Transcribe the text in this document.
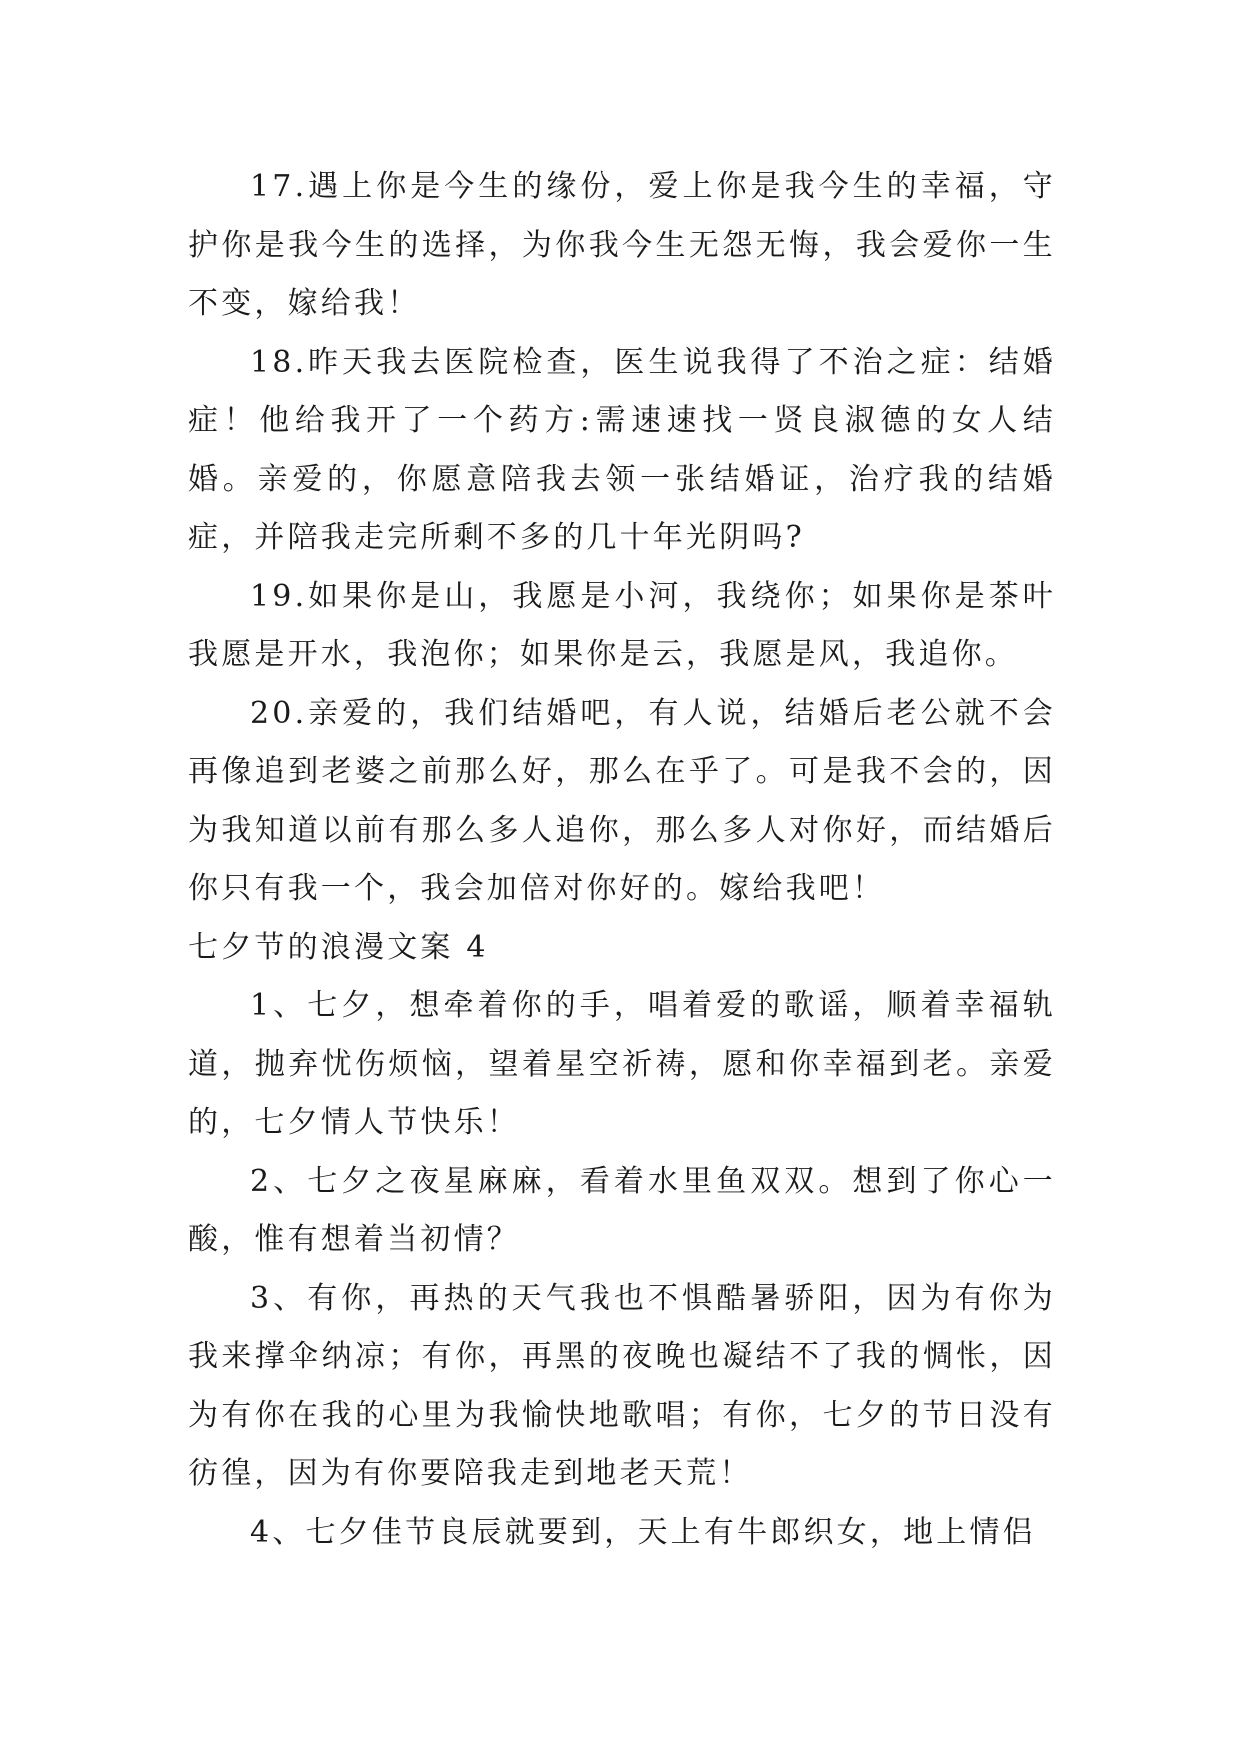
17.遇上你是今生的缘份，爱上你是我今生的幸福，守护你是我今生的选择，为你我今生无怨无悔，我会爱你一生不变，嫁给我！

18.昨天我去医院检查，医生说我得了不治之症：结婚症！他给我开了一个药方:需速速找一贤良淑德的女人结婚。亲爱的，你愿意陪我去领一张结婚证，治疗我的结婚症，并陪我走完所剩不多的几十年光阴吗?

19.如果你是山，我愿是小河，我绕你；如果你是茶叶我愿是开水，我泡你；如果你是云，我愿是风，我追你。

20.亲爱的，我们结婚吧，有人说，结婚后老公就不会再像追到老婆之前那么好，那么在乎了。可是我不会的，因为我知道以前有那么多人追你，那么多人对你好，而结婚后你只有我一个，我会加倍对你好的。嫁给我吧！

七夕节的浪漫文案 4

1、七夕，想牵着你的手，唱着爱的歌谣，顺着幸福轨道，抛弃忧伤烦恼，望着星空祈祷，愿和你幸福到老。亲爱的，七夕情人节快乐！

2、七夕之夜星麻麻，看着水里鱼双双。想到了你心一酸，惟有想着当初情？

3、有你，再热的天气我也不惧酷暑骄阳，因为有你为我来撑伞纳凉；有你，再黑的夜晚也凝结不了我的惆怅，因为有你在我的心里为我愉快地歌唱；有你，七夕的节日没有彷徨，因为有你要陪我走到地老天荒！

4、七夕佳节良辰就要到，天上有牛郎织女，地上情侣
